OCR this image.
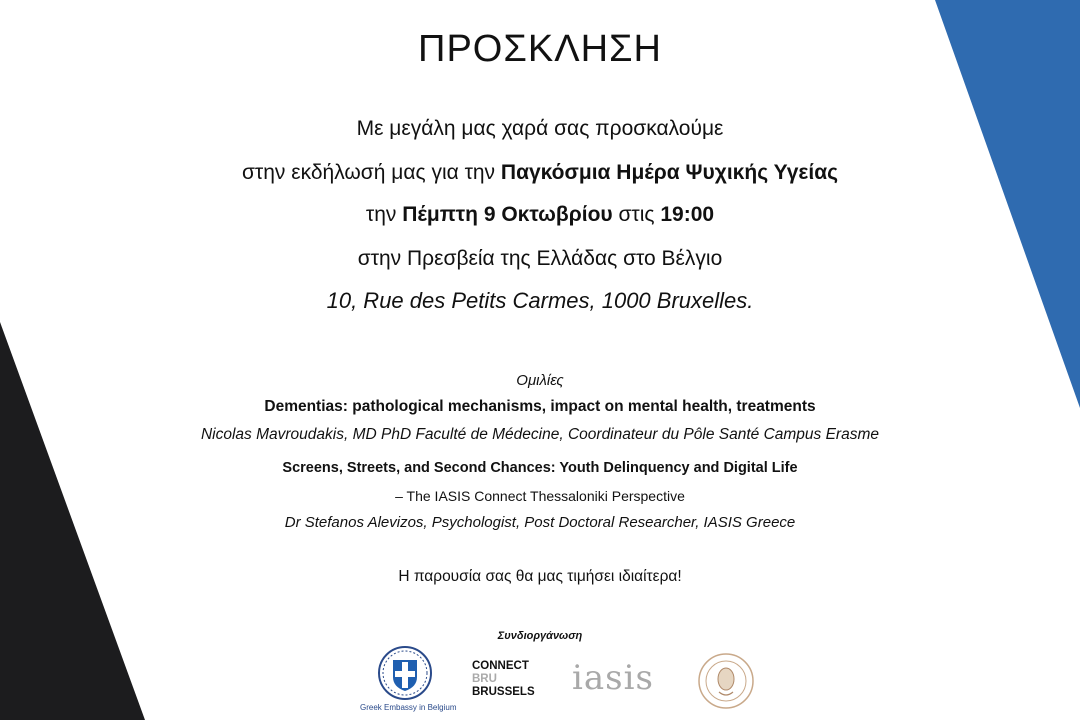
ΠΡΟΣΚΛΗΣΗ
Με μεγάλη μας χαρά σας προσκαλούμε
στην εκδήλωσή μας για την Παγκόσμια Ημέρα Ψυχικής Υγείας
την Πέμπτη 9 Οκτωβρίου στις 19:00
στην Πρεσβεία της Ελλάδας στο Βέλγιο
10, Rue des Petits Carmes, 1000 Bruxelles.
Ομιλίες
Dementias: pathological mechanisms, impact on mental health, treatments
Nicolas Mavroudakis, MD PhD Faculté de Médecine, Coordinateur du Pôle Santé Campus Erasme
Screens, Streets, and Second Chances: Youth Delinquency and Digital Life
– The IASIS Connect Thessaloniki Perspective
Dr Stefanos Alevizos, Psychologist, Post Doctoral Researcher, IASIS Greece
Η παρουσία σας θα μας τιμήσει ιδιαίτερα!
Συνδιοργάνωση
Greek Embassy in Belgium
CONNECT
BRU
BRUSSELS	iasis
